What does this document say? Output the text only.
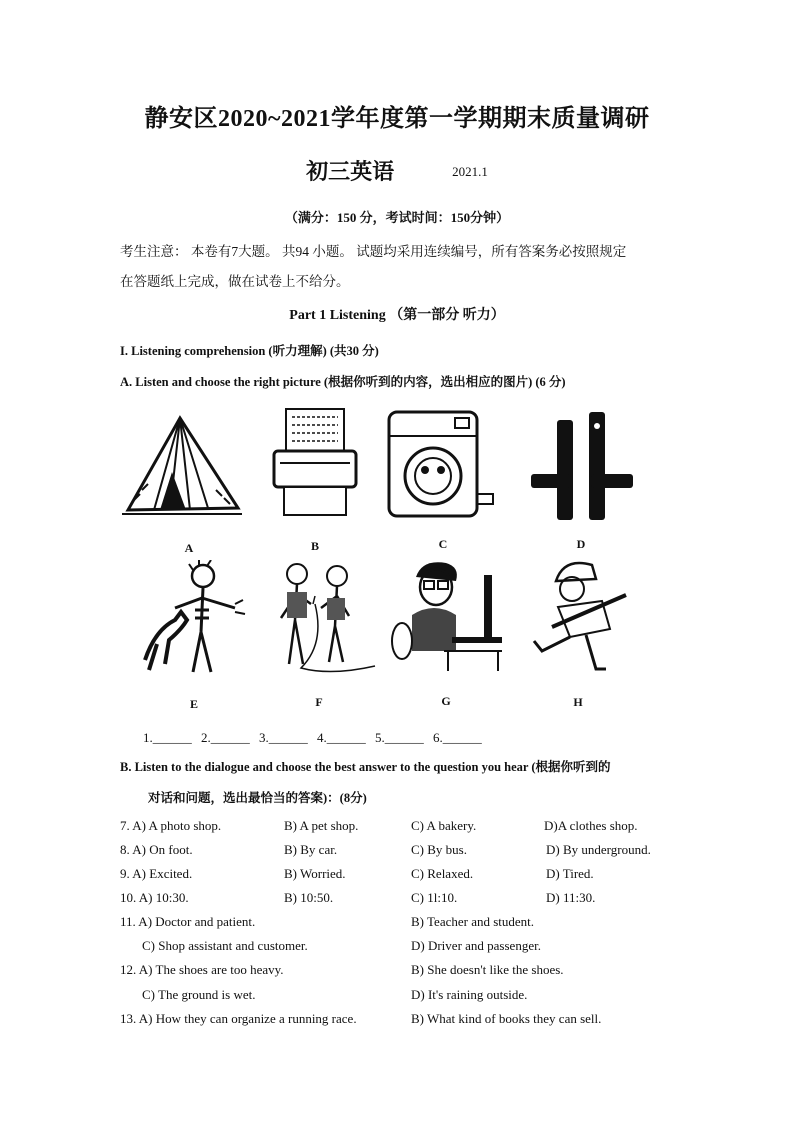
静安区2020~2021学年度第一学期期末质量调研
初三英语	2021.1
（满分：150 分，考试时间：150分钟）
考生注意： 本卷有7大题。 共94 小题。 试题均采用连续编号，所有答案务必按照规定
在答题纸上完成，做在试卷上不给分。
Part 1 Listening （第一部分 听力）
I. Listening comprehension (听力理解) (共30 分)
A. Listen and choose the right picture (根据你听到的内容，选出相应的图片) (6 分)
A	B	C	D
E	F	G	H
1.______ 2.______ 3.______ 4.______ 5.______ 6.______
B. Listen to the dialogue and choose the best answer to the question you hear (根据你听到的
对话和问题，选出最恰当的答案)：(8分)
7. A) A photo shop.	B) A pet shop.	C) A bakery.	D)A clothes shop.
8. A) On foot.	B) By car.	C) By bus.	D) By underground.
9. A) Excited.	B) Worried.	C) Relaxed.	D) Tired.
10. A) 10:30.	B) 10:50.	C) 1l:10.	D) 11:30.
11. A) Doctor and patient.	B) Teacher and student.
C) Shop assistant and customer.	D) Driver and passenger.
12. A) The shoes are too heavy.	B) She doesn't like the shoes.
C) The ground is wet.	D) It's raining outside.
13. A) How they can organize a running race.	B) What kind of books they can sell.
